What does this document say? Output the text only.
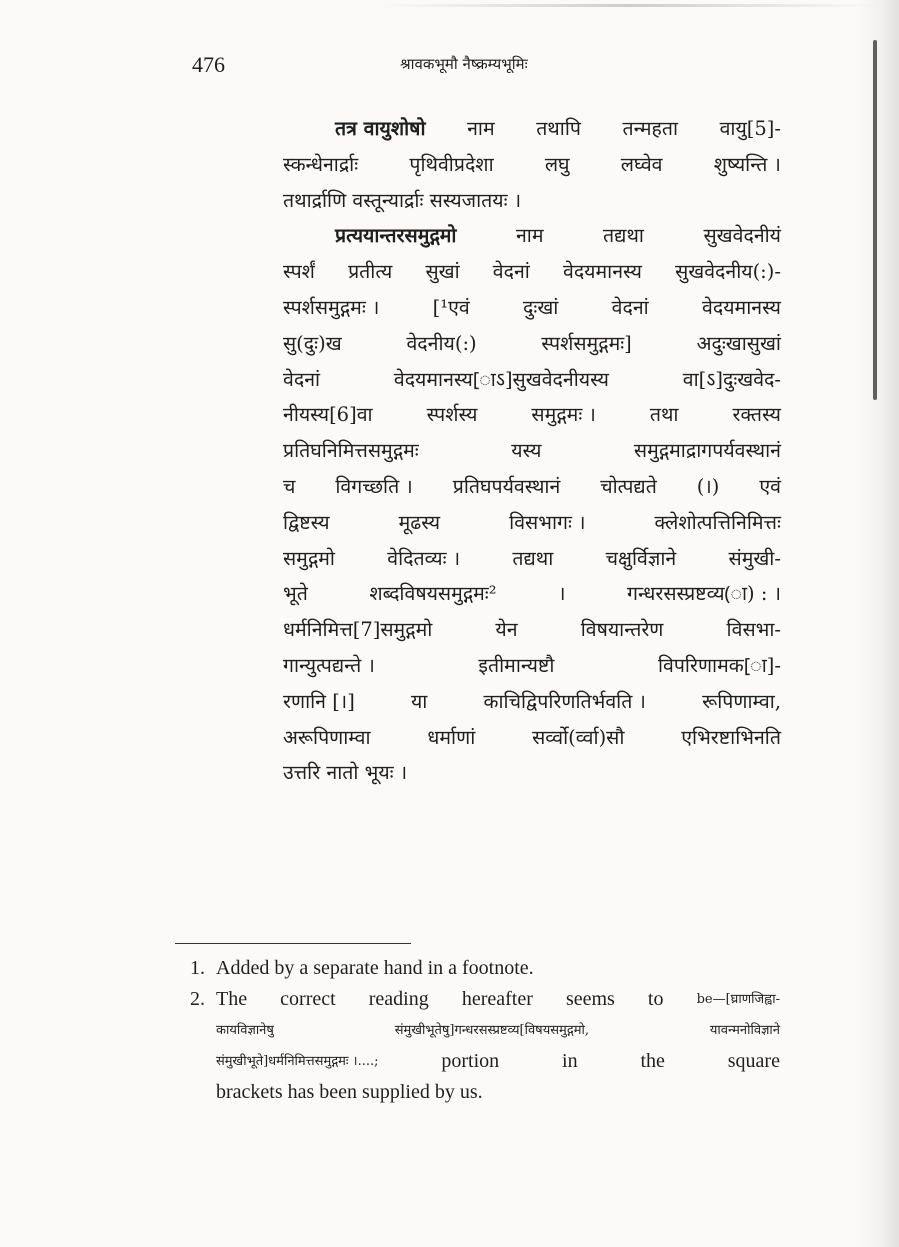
476	श्रावकभूमौ नैष्क्रम्यभूमिः
तत्र वायुशोषो नाम तथापि तन्महता वायु[5]-
स्कन्धेनार्द्राः	पृथिवीप्रदेशा	लघु	लघ्वेव	शुष्यन्ति ।
तथार्द्राणि वस्तून्यार्द्राः सस्यजातयः ।
प्रत्ययान्तरसमुद्गमो	नाम	तद्यथा	सुखवेदनीयं
स्पर्शं प्रतीत्य सुखां वेदनां वेदयमानस्य सुखवेदनीय(:)-
स्पर्शसमुद्गमः ।	[¹एवं	दुःखां	वेदनां	वेदयमानस्य
सु(दुः)ख	वेदनीय(:)	स्पर्शसमुद्गमः]	अदुःखासुखां
वेदनां	वेदयमानस्य[ाऽ]सुखवेदनीयस्य	वा[ऽ]दुःखवेद-
नीयस्य[6]वा	स्पर्शस्य	समुद्गमः ।	तथा	रक्तस्य
प्रतिघनिमित्तसमुद्गमः	यस्य	समुद्गमाद्रागपर्यवस्थानं
च विगच्छति । प्रतिघपर्यवस्थानं चोत्पद्यते (।) एवं
द्विष्टस्य	मूढस्य	विसभागः ।	क्लेशोत्पत्तिनिमित्तः
समुद्गमो	वेदितव्यः ।	तद्यथा	चक्षुर्विज्ञाने	संमुखी-
भूते	शब्दविषयसमुद्गमः²	।	गन्धरसस्प्रष्टव्य(ा) : ।
धर्मनिमित्त[7]समुद्गमो	येन	विषयान्तरेण	विसभा-
गान्युत्पद्यन्ते ।	इतीमान्यष्टौ	विपरिणामक[ा]-
रणानि [।]	या	काचिद्विपरिणतिर्भवति ।	रूपिणाम्वा,
अरूपिणाम्वा	धर्माणां	सर्व्वो(र्व्वा)सौ	एभिरष्टाभिनति
उत्तरि नातो भूयः ।
1. Added by a separate hand in a footnote.
2. The correct reading hereafter seems to	be—[घ्राणजिह्वा-
कायविज्ञानेषु	संमुखीभूतेषु]गन्धरसस्प्रष्टव्य[विषयसमुद्गमो,	यावन्मनोविज्ञाने
संमुखीभूते]धर्मनिमित्तसमुद्गमः ।....;	portion	in	the	square
brackets has been supplied by us.
